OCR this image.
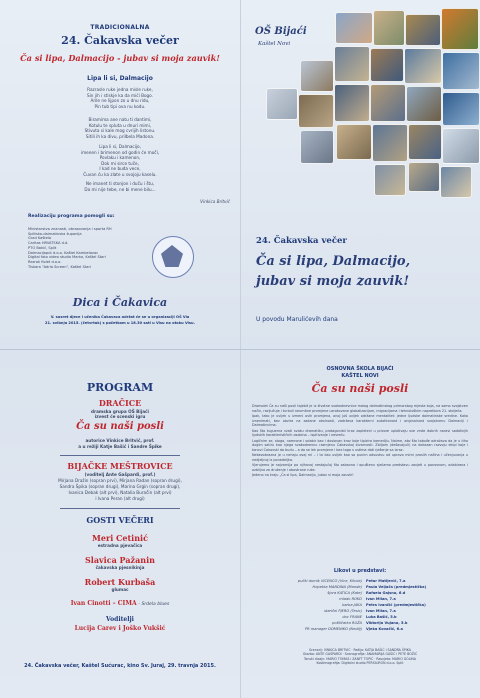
TRADICIONALNA
24. Čakavska večer
Ča si lipa, Dalmacijo - jubav si moja zauvik!
Lipa li si, Dalmacijo
Razrasle ruke jedna misle ruke,
Sin jih i stiskje ka da mići Bogo.
Arile ne lijpon zo u dnu ridu,
Pin tub tipi ova nu kodu.
Biramima ane natu ti dantimi,
Kotulu te spluta u dnuri mimi,
Stivuta si kale mog cvrijih listonu.
Sitili ih ka divu, prilbela Madona.
Lipa li si, Dalmacijo,
imenen i brimenon od godin će moči,
Povlaku i kamenon,
Dok mi sirce tuče,
I kad ne buda vece,
Čuvan ću ka zlate u svojoju kaselu.
Ne imanet ti stonjon i duču i štu,
Da mi nije tebe, ne bi mene bilu...
Vinkica Britvić
Realizaciju programa pomogli su:
Ministarstvo znanosti, obrazovanja i sporta RH
Splitsko-dalmatinska županija
Grad Kaštela
Caritas HRVATSKA d.d.
PTO Bakić, Split
Dalmacijaput d.o.o. Kaštel Kambelovac
Digital foto video studio Marko, Kaštel Stari
Rezrok fiolet d.o.o.
Tiskara "Adria Screen", Kaštel Stari
Dica i Čakavica
V. susret djece i učenika Čakavaca održat će se u organizaciji OŠ Via
21. svibnja 2015. (četvrtak) s početkom u 18.30 sati u Visu na otoku Visu.
OŠ Bijaći
Kaštel Novi
24. Čakavska večer
Ča si lipa, Dalmacijo,
jubav si moja zauvik!
U povodu Marulićevih dana
PROGRAM
DRAČICE
dramska grupa OŠ Bijaći
izvest će scenski igru
Ča su naši posli
autorice Vinkice Britvić, prof.
a u režiji Katje Bašić i Sandre Špike
BIJAČKE MEŠTROVICE
(voditelj Ante Gašpardi, prof.)
Mirjana Dražin (sopran prvi), Mirjana Radan (sopran drugi),
Sandra Špika (sopran drugi), Marina Grgin (sopran drugi),
Ivanica Debak (alt prvi), Natalia Buračin (alt prvi)
i Ivana Peran (alt drugi)
GOSTI VEČERI
Meri Cetinić
estradna pjevačica
Slavica Pažanin
čakavska pjesnikinja
Robert Kurbaša
glumac
Ivan Cinotti – CIMA - Srdela blues
Voditelji
Lucija Carev i Joško Vukšić
24. Čakavska večer, Kaštel Sućurac, kino Sv. Juraj, 29. travnja 2015.
OSNOVNA ŠKOLA BIJAĆI
KAŠTEL NOVI
Ča su naši posli

Dramolet Ča su naši posli tajebit je iz životne svakodnevnice malog dalmatinskog primorskog mjesta koja, na samo svojstven način, razljučuje i turbuli neumitne promjene uzrokovane globalizacijom, migracijama i tehnološkim napretkom 21. stoljeća.

Ipak, tako je uvijek u izmeni ovih promjena, onoj još uvijek održane mentalitet: jedne ljudske dalmatinske sredine. Kako iznenimati, bez obzira na zadane okolnosti, zadržava karakterni autohtonost i originalnost svojstvenu Dalmaciji i Dalmatincima.

Kao što tuguerna vzati svaku dramatiku, protagonisti kroz zapleteni u prizore uplotivaju sve vrste dobrih naravi sadašnjih ljudskih karakterističnih osobina – ispitivanje i nesreću.

Logičnim se, stoga, namrone i odabir kao i doslovan kroz koje tipizira komediju. Naime, ako što takođe odražava da je u tiho dugim satiru kao njega svakodnevnu razmjenu Čakavskoj stvarnosti. Zbiljom (dešavajući) na dokazan razvoju ekipi koje i tonovi Čakavski da budu – a da se lek promjene i bez toga s ustima dati rješenje sa izraz.

Nebezobrazna je u nehaju ovaj mi – i to kao uvijek kao sa punim odsustvu od upravo mirni proslih načina i učenjuvanja u nedjeljnoj iz ponedeljka.

Vjerujemo je najvarnija po njihovoj nestajućoj što zabavna i opuštenu sjećamo predstavu zavjeti u ponosnom, odabirana i ozbiljna za druženje i obostrane ruke.

Jedeno na kraju „Ča si lipa, Dalmacijo, jubav si moja zauvik!

Likovi u predstavi:
pučki dumik VICENCO (Vice, Kikola)	Petar Matijević, 7.a
Hopetka MANDINA (Mande)	Paula Veljača (predmjestička)
šjora KATICA (Kate)	Rafaela Gajsno, 6.d
mlado ROKO	Ivan Milan, 7.a
barba JAKA	Petra Ivančić (predmjestička)
starični PJERO (Tesic)	Ivan Milan, 7.a
doc FRANE	Luka Bašić, 5.b
poštičarka RUŽA	Viktorija Vujano, 5.b
PR manager DOMENIKO (Nedilj)	Vjeka Kovačić, 6.a
Scenarij: VINKICA BRITVIĆ · Režija: KATJA BAŠIĆ i SANDRA ŠPIKA
Glazba: ANTE GAŠPARDI · Scenografija: ANAMARIJA GAŠIĆ i PETE BOŽIĆ
Tonski dizajn: MARIO TOMAS i ZANFT TOPIĆ · Rasvjeta: MARIO GOLINA
Kostimografija: Digitalni studio PERSILIRON d.o.o. Split
